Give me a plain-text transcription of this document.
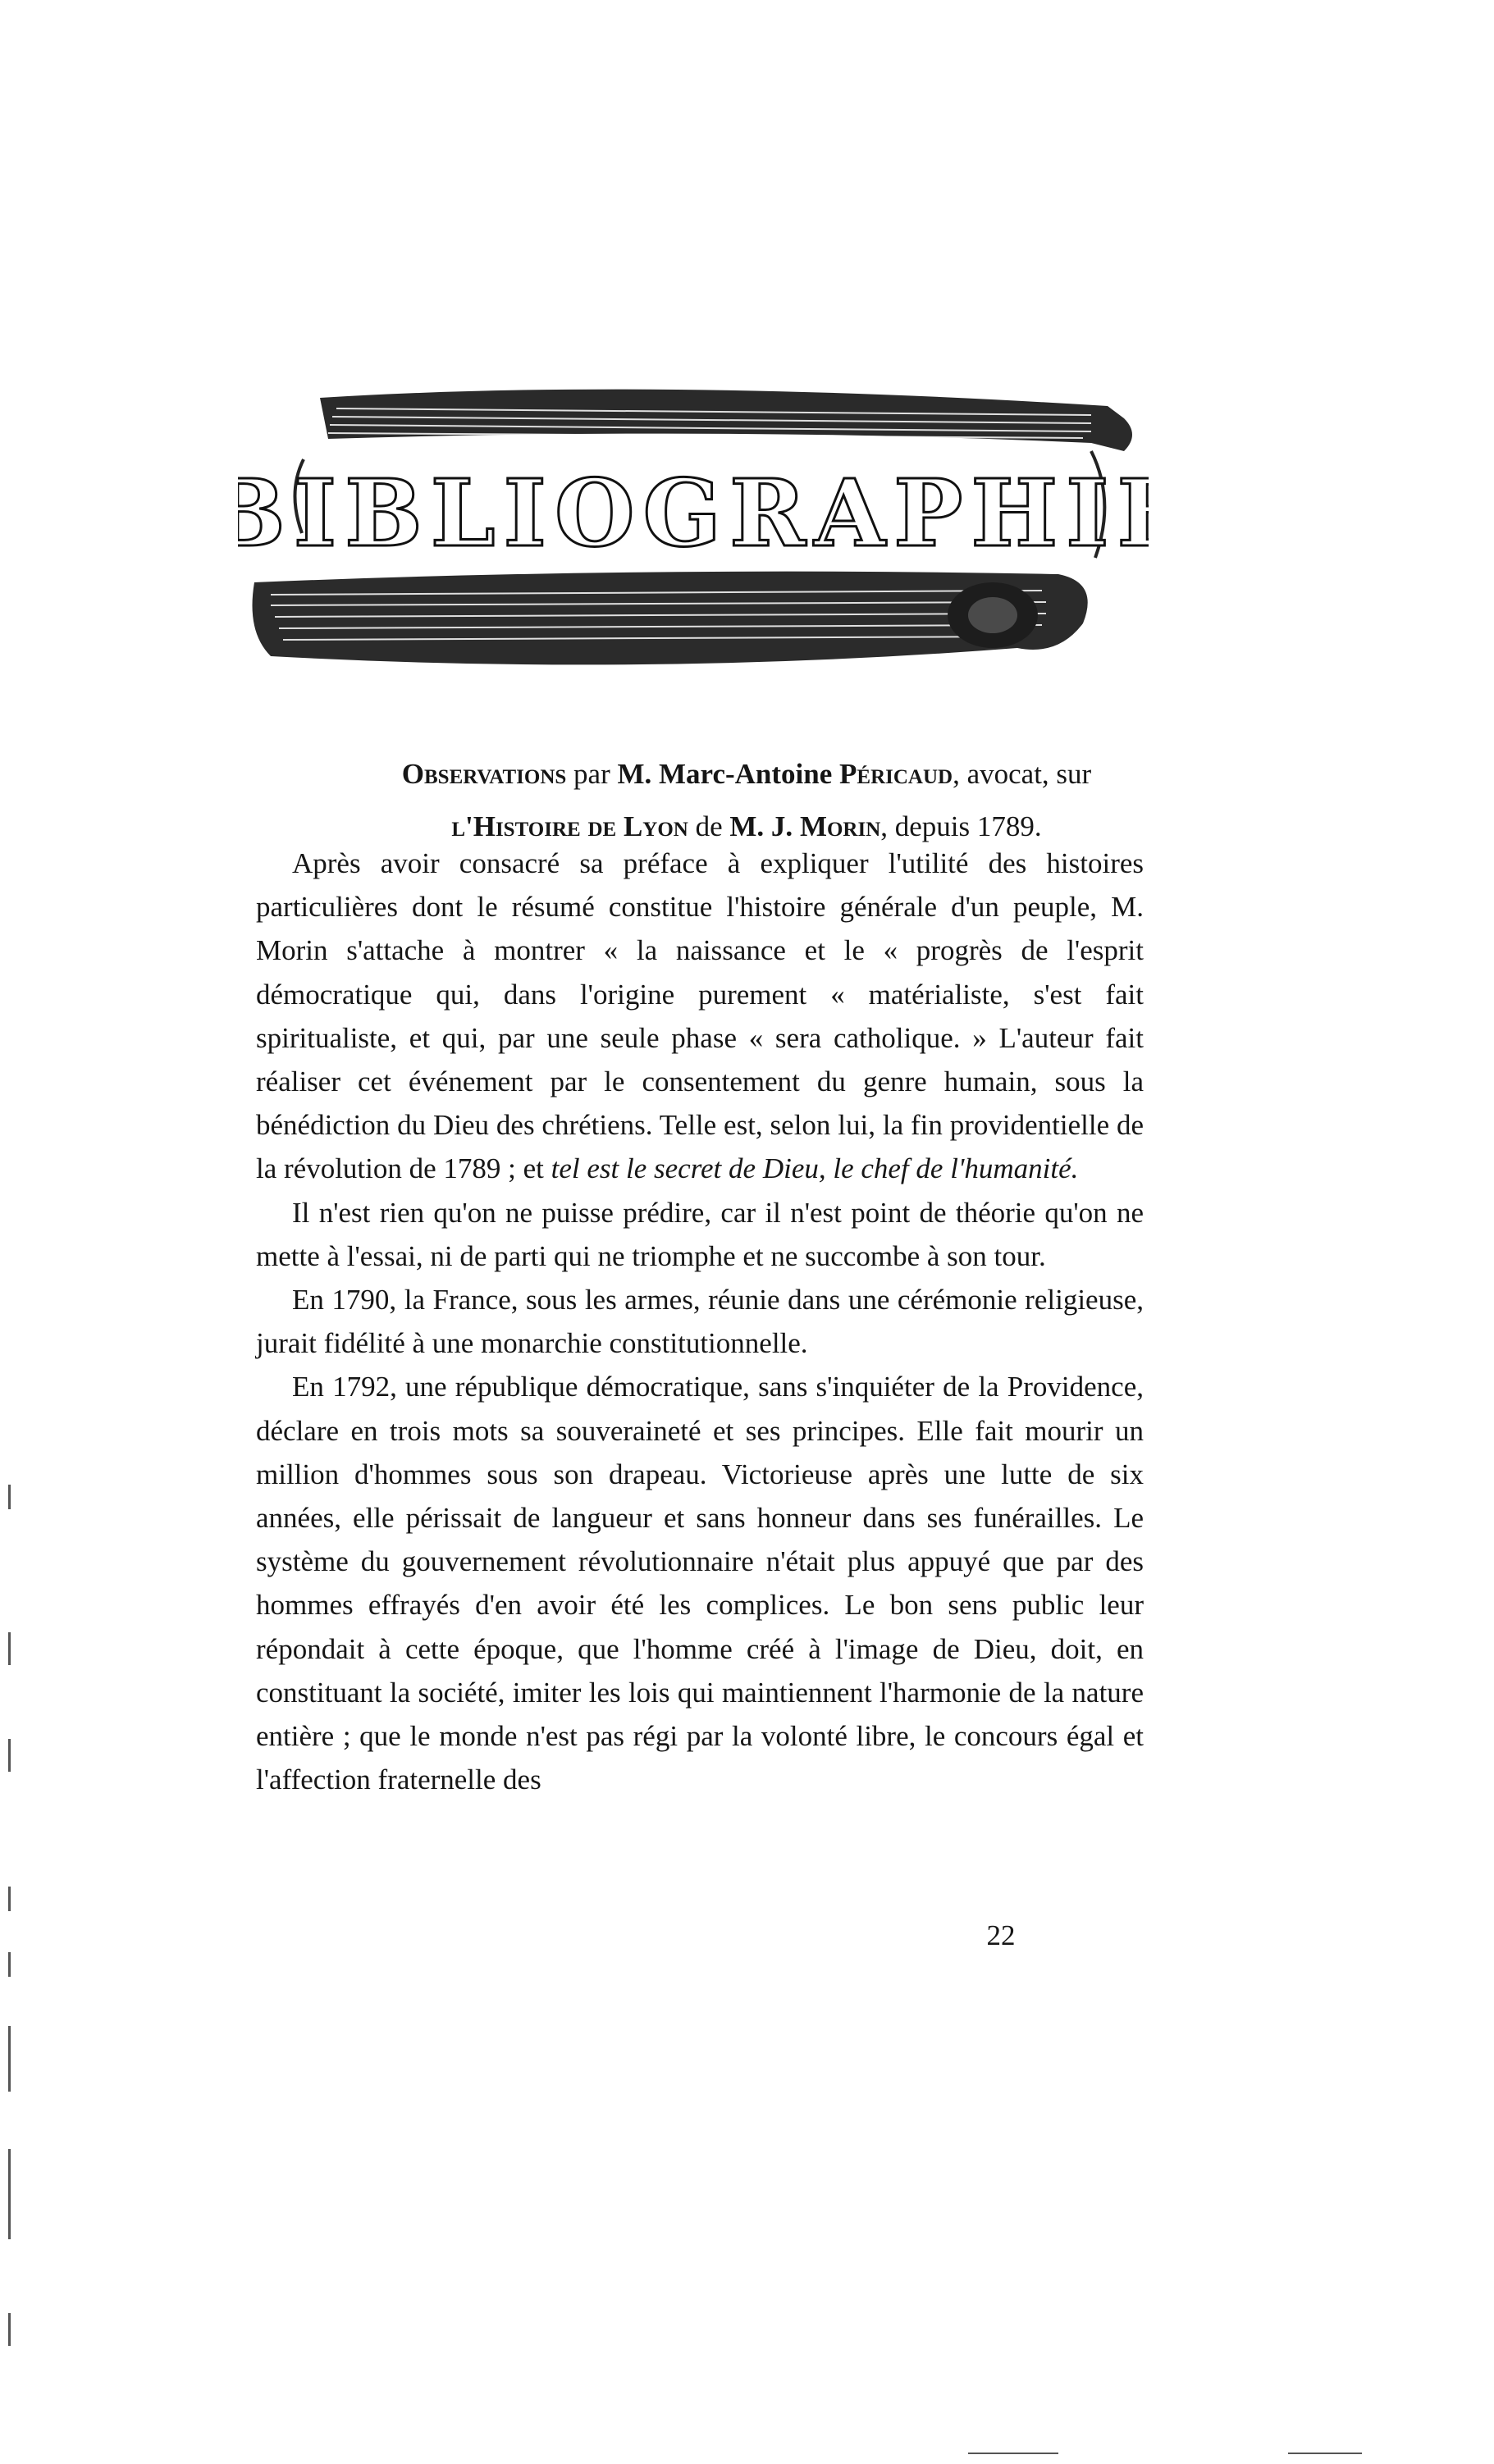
BIBLIOGRAPHIE
Observations par M. Marc-Antoine Péricaud, avocat, sur
l'Histoire de Lyon de M. J. Morin, depuis 1789.

Après avoir consacré sa préface à expliquer l'utilité des histoires particulières dont le résumé constitue l'histoire générale d'un peuple, M. Morin s'attache à montrer « la naissance et le « progrès de l'esprit démocratique qui, dans l'origine purement « matérialiste, s'est fait spiritualiste, et qui, par une seule phase « sera catholique. » L'auteur fait réaliser cet événement par le consentement du genre humain, sous la bénédiction du Dieu des chrétiens. Telle est, selon lui, la fin providentielle de la révolution de 1789 ; et tel est le secret de Dieu, le chef de l'humanité.

Il n'est rien qu'on ne puisse prédire, car il n'est point de théorie qu'on ne mette à l'essai, ni de parti qui ne triomphe et ne succombe à son tour.

En 1790, la France, sous les armes, réunie dans une cérémonie religieuse, jurait fidélité à une monarchie constitutionnelle.

En 1792, une république démocratique, sans s'inquiéter de la Providence, déclare en trois mots sa souveraineté et ses principes. Elle fait mourir un million d'hommes sous son drapeau. Victorieuse après une lutte de six années, elle périssait de langueur et sans honneur dans ses funérailles. Le système du gouvernement révolutionnaire n'était plus appuyé que par des hommes effrayés d'en avoir été les complices. Le bon sens public leur répondait à cette époque, que l'homme créé à l'image de Dieu, doit, en constituant la société, imiter les lois qui maintiennent l'harmonie de la nature entière ; que le monde n'est pas régi par la volonté libre, le concours égal et l'affection fraternelle des

22
